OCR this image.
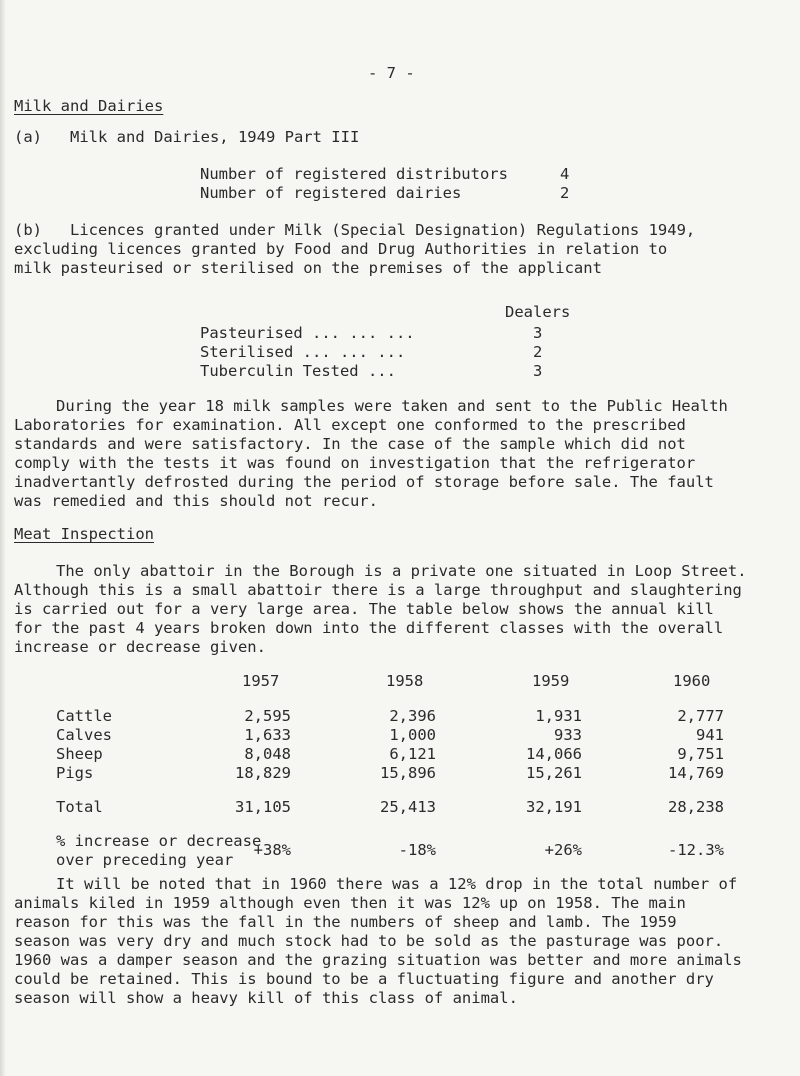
- 7 -
Milk and Dairies
(a) Milk and Dairies, 1949 Part III
Number of registered distributors	4
Number of registered dairies	2
(b) Licences granted under Milk (Special Designation) Regulations 1949,
excluding licences granted by Food and Drug Authorities in relation to
milk pasteurised or sterilised on the premises of the applicant
Dealers
Pasteurised ... ... ...	3
Sterilised ... ... ...	2
Tuberculin Tested ...	3
During the year 18 milk samples were taken and sent to the Public Health
Laboratories for examination. All except one conformed to the prescribed
standards and were satisfactory. In the case of the sample which did not
comply with the tests it was found on investigation that the refrigerator
inadvertantly defrosted during the period of storage before sale. The fault
was remedied and this should not recur.
Meat Inspection
The only abattoir in the Borough is a private one situated in Loop Street.
Although this is a small abattoir there is a large throughput and slaughtering
is carried out for a very large area. The table below shows the annual kill
for the past 4 years broken down into the different classes with the overall
increase or decrease given.
1957	1958	1959	1960
Cattle	2,595	2,396	1,931	2,777
Calves	1,633	1,000	933	941
Sheep	8,048	6,121	14,066	9,751
Pigs	18,829	15,896	15,261	14,769
Total	31,105	25,413	32,191	28,238
% increase or decrease
over preceding year
+38%	-18%	+26%	-12.3%
It will be noted that in 1960 there was a 12% drop in the total number of
animals kiled in 1959 although even then it was 12% up on 1958. The main
reason for this was the fall in the numbers of sheep and lamb. The 1959
season was very dry and much stock had to be sold as the pasturage was poor.
1960 was a damper season and the grazing situation was better and more animals
could be retained. This is bound to be a fluctuating figure and another dry
season will show a heavy kill of this class of animal.
